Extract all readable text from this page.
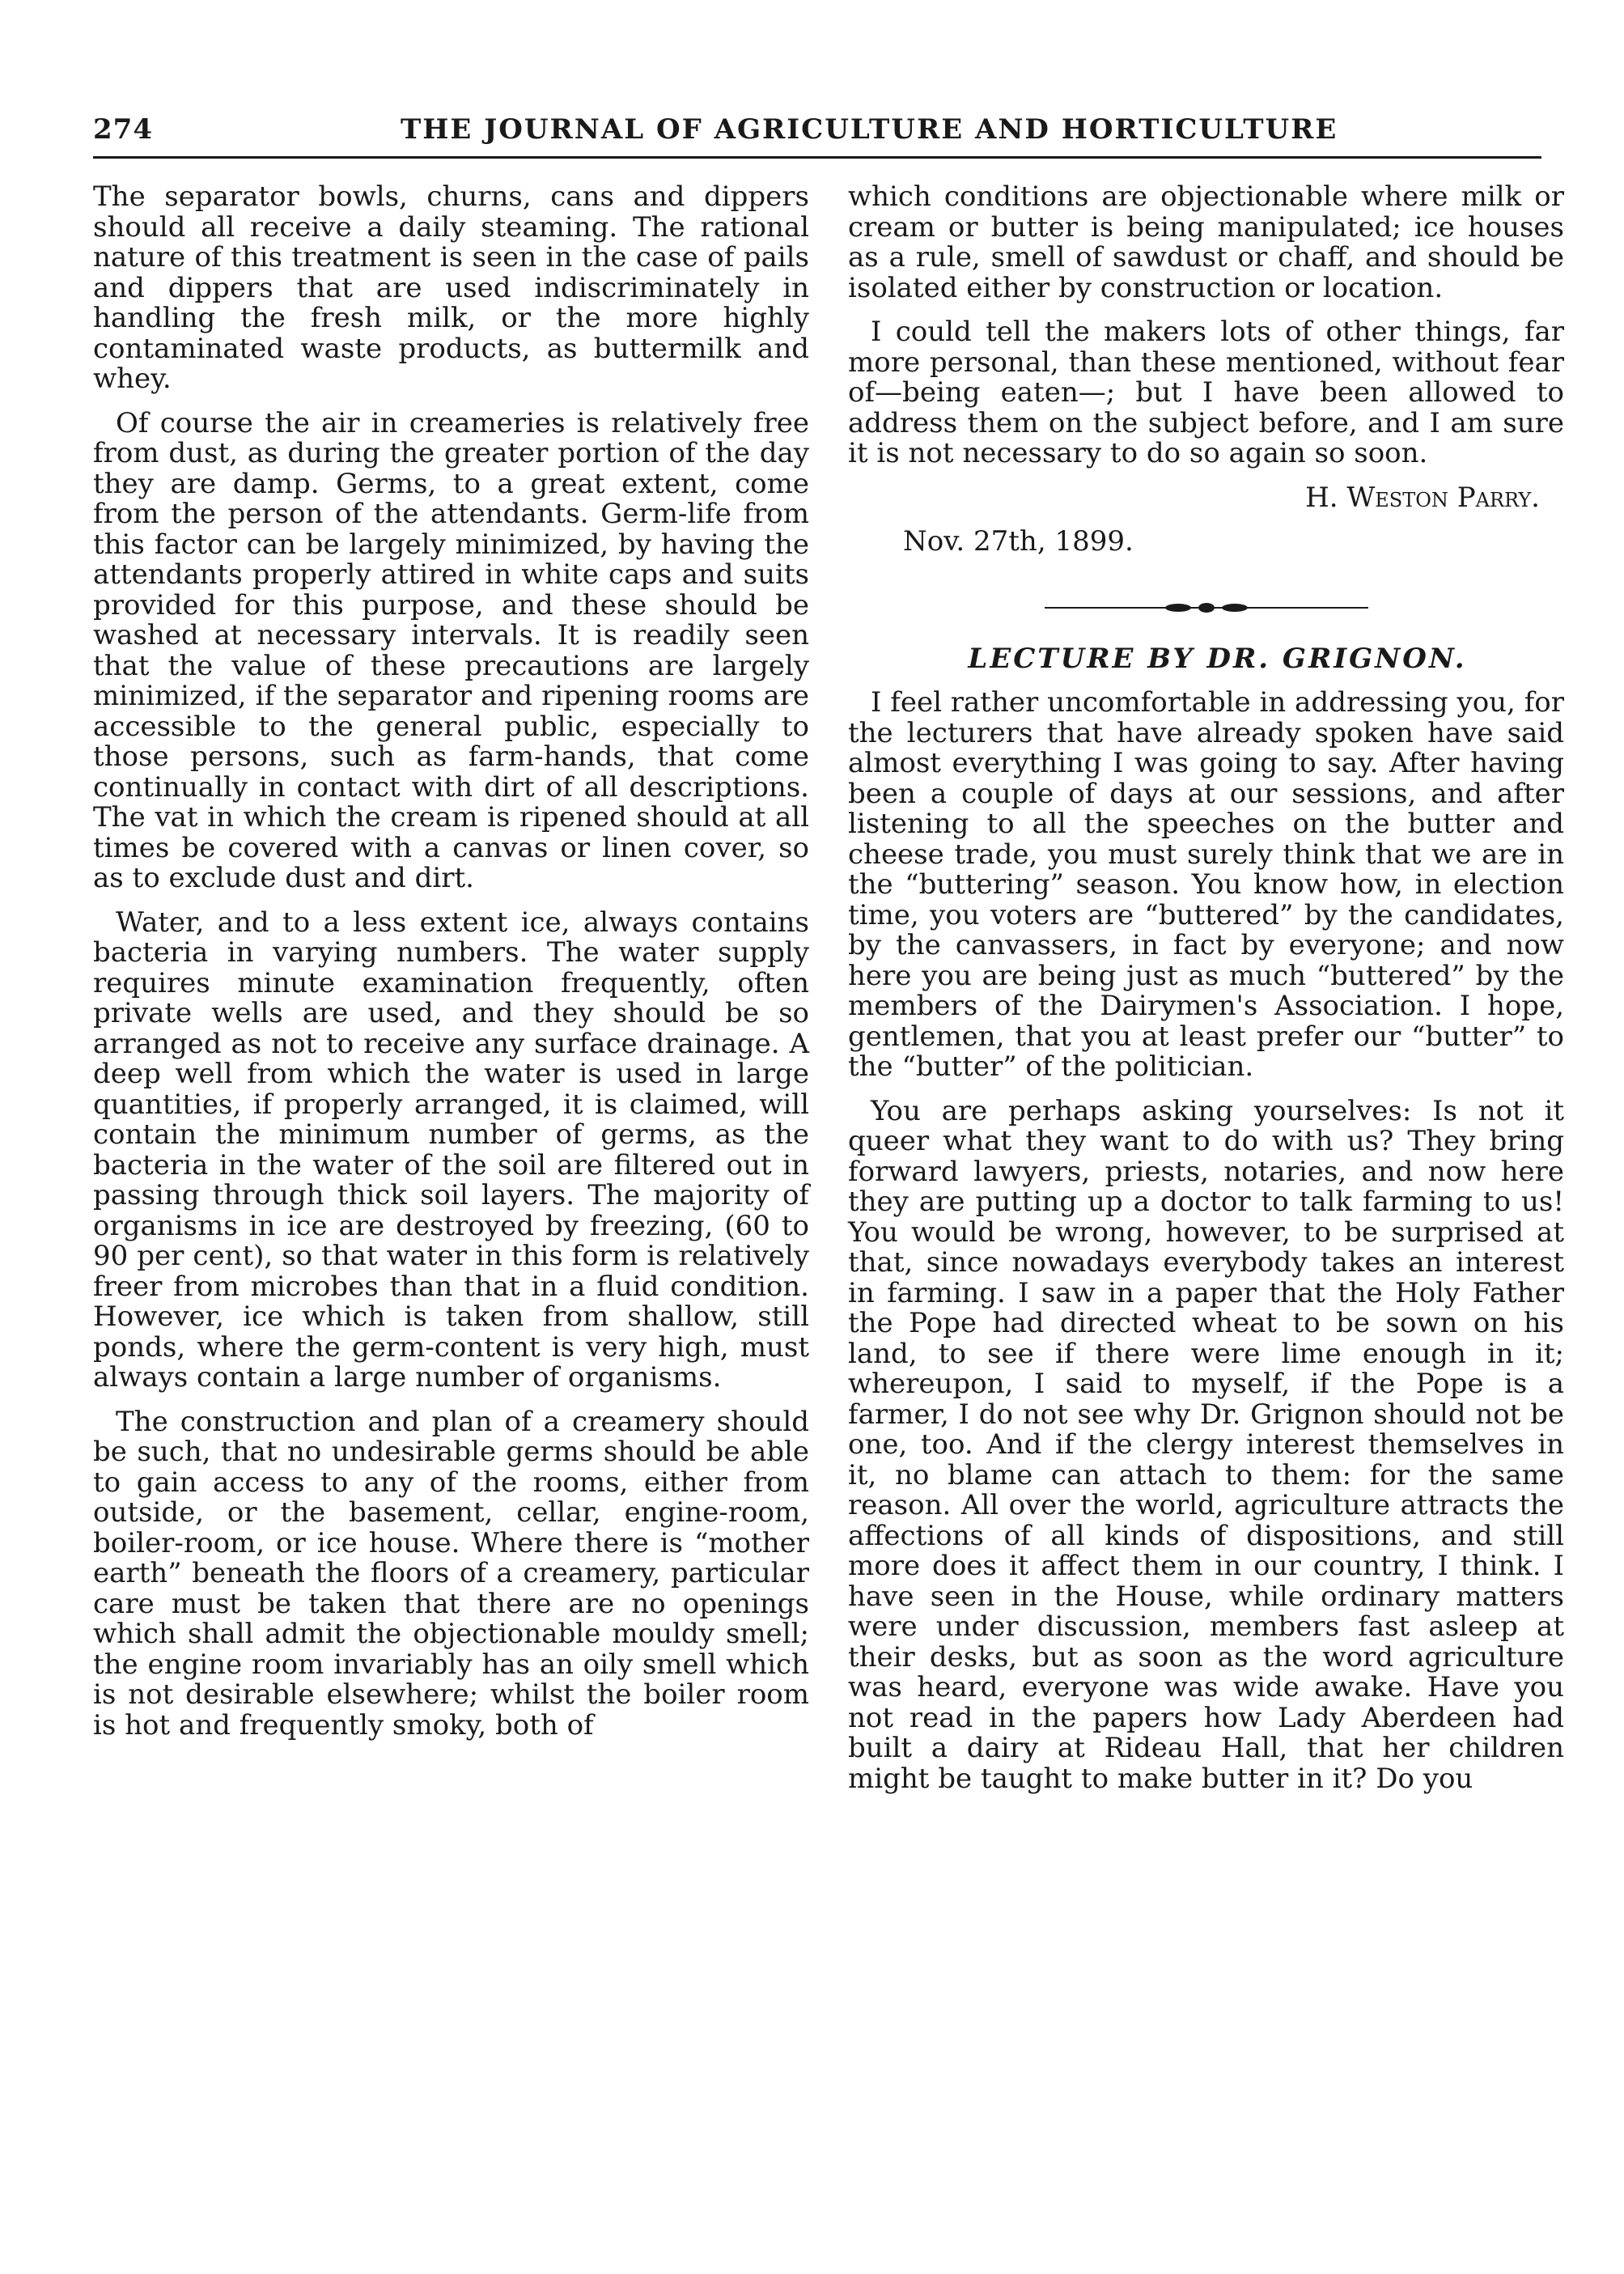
274	THE JOURNAL OF AGRICULTURE AND HORTICULTURE

The separator bowls, churns, cans and dippers should all receive a daily steaming. The rational nature of this treatment is seen in the case of pails and dippers that are used indiscriminately in handling the fresh milk, or the more highly contaminated waste products, as buttermilk and whey.

Of course the air in creameries is relatively free from dust, as during the greater portion of the day they are damp. Germs, to a great extent, come from the person of the attendants. Germ-life from this factor can be largely minimized, by having the attendants properly attired in white caps and suits provided for this purpose, and these should be washed at necessary intervals. It is readily seen that the value of these precautions are largely minimized, if the separator and ripening rooms are accessible to the general public, especially to those persons, such as farm-hands, that come continually in contact with dirt of all descriptions. The vat in which the cream is ripened should at all times be covered with a canvas or linen cover, so as to exclude dust and dirt.

Water, and to a less extent ice, always contains bacteria in varying numbers. The water supply requires minute examination frequently, often private wells are used, and they should be so arranged as not to receive any surface drainage. A deep well from which the water is used in large quantities, if properly arranged, it is claimed, will contain the minimum number of germs, as the bacteria in the water of the soil are filtered out in passing through thick soil layers. The majority of organisms in ice are destroyed by freezing, (60 to 90 per cent), so that water in this form is relatively freer from microbes than that in a fluid condition. However, ice which is taken from shallow, still ponds, where the germ-content is very high, must always contain a large number of organisms.

The construction and plan of a creamery should be such, that no undesirable germs should be able to gain access to any of the rooms, either from outside, or the basement, cellar, engine-room, boiler-room, or ice house. Where there is “mother earth” beneath the floors of a creamery, particular care must be taken that there are no openings which shall admit the objectionable mouldy smell; the engine room invariably has an oily smell which is not desirable elsewhere; whilst the boiler room is hot and frequently smoky, both of

which conditions are objectionable where milk or cream or butter is being manipulated; ice houses as a rule, smell of sawdust or chaff, and should be isolated either by construction or location.

I could tell the makers lots of other things, far more personal, than these mentioned, without fear of—being eaten—; but I have been allowed to address them on the subject before, and I am sure it is not necessary to do so again so soon.

H. Weston Parry.

Nov. 27th, 1899.

LECTURE BY DR. GRIGNON.

I feel rather uncomfortable in addressing you, for the lecturers that have already spoken have said almost everything I was going to say. After having been a couple of days at our sessions, and after listening to all the speeches on the butter and cheese trade, you must surely think that we are in the “buttering” season. You know how, in election time, you voters are “buttered” by the candidates, by the canvassers, in fact by everyone; and now here you are being just as much “buttered” by the members of the Dairymen's Association. I hope, gentlemen, that you at least prefer our “butter” to the “butter” of the politician.

You are perhaps asking yourselves: Is not it queer what they want to do with us? They bring forward lawyers, priests, notaries, and now here they are putting up a doctor to talk farming to us! You would be wrong, however, to be surprised at that, since nowadays everybody takes an interest in farming. I saw in a paper that the Holy Father the Pope had directed wheat to be sown on his land, to see if there were lime enough in it; whereupon, I said to myself, if the Pope is a farmer, I do not see why Dr. Grignon should not be one, too. And if the clergy interest themselves in it, no blame can attach to them: for the same reason. All over the world, agriculture attracts the affections of all kinds of dispositions, and still more does it affect them in our country, I think. I have seen in the House, while ordinary matters were under discussion, members fast asleep at their desks, but as soon as the word agriculture was heard, everyone was wide awake. Have you not read in the papers how Lady Aberdeen had built a dairy at Rideau Hall, that her children might be taught to make butter in it? Do you
